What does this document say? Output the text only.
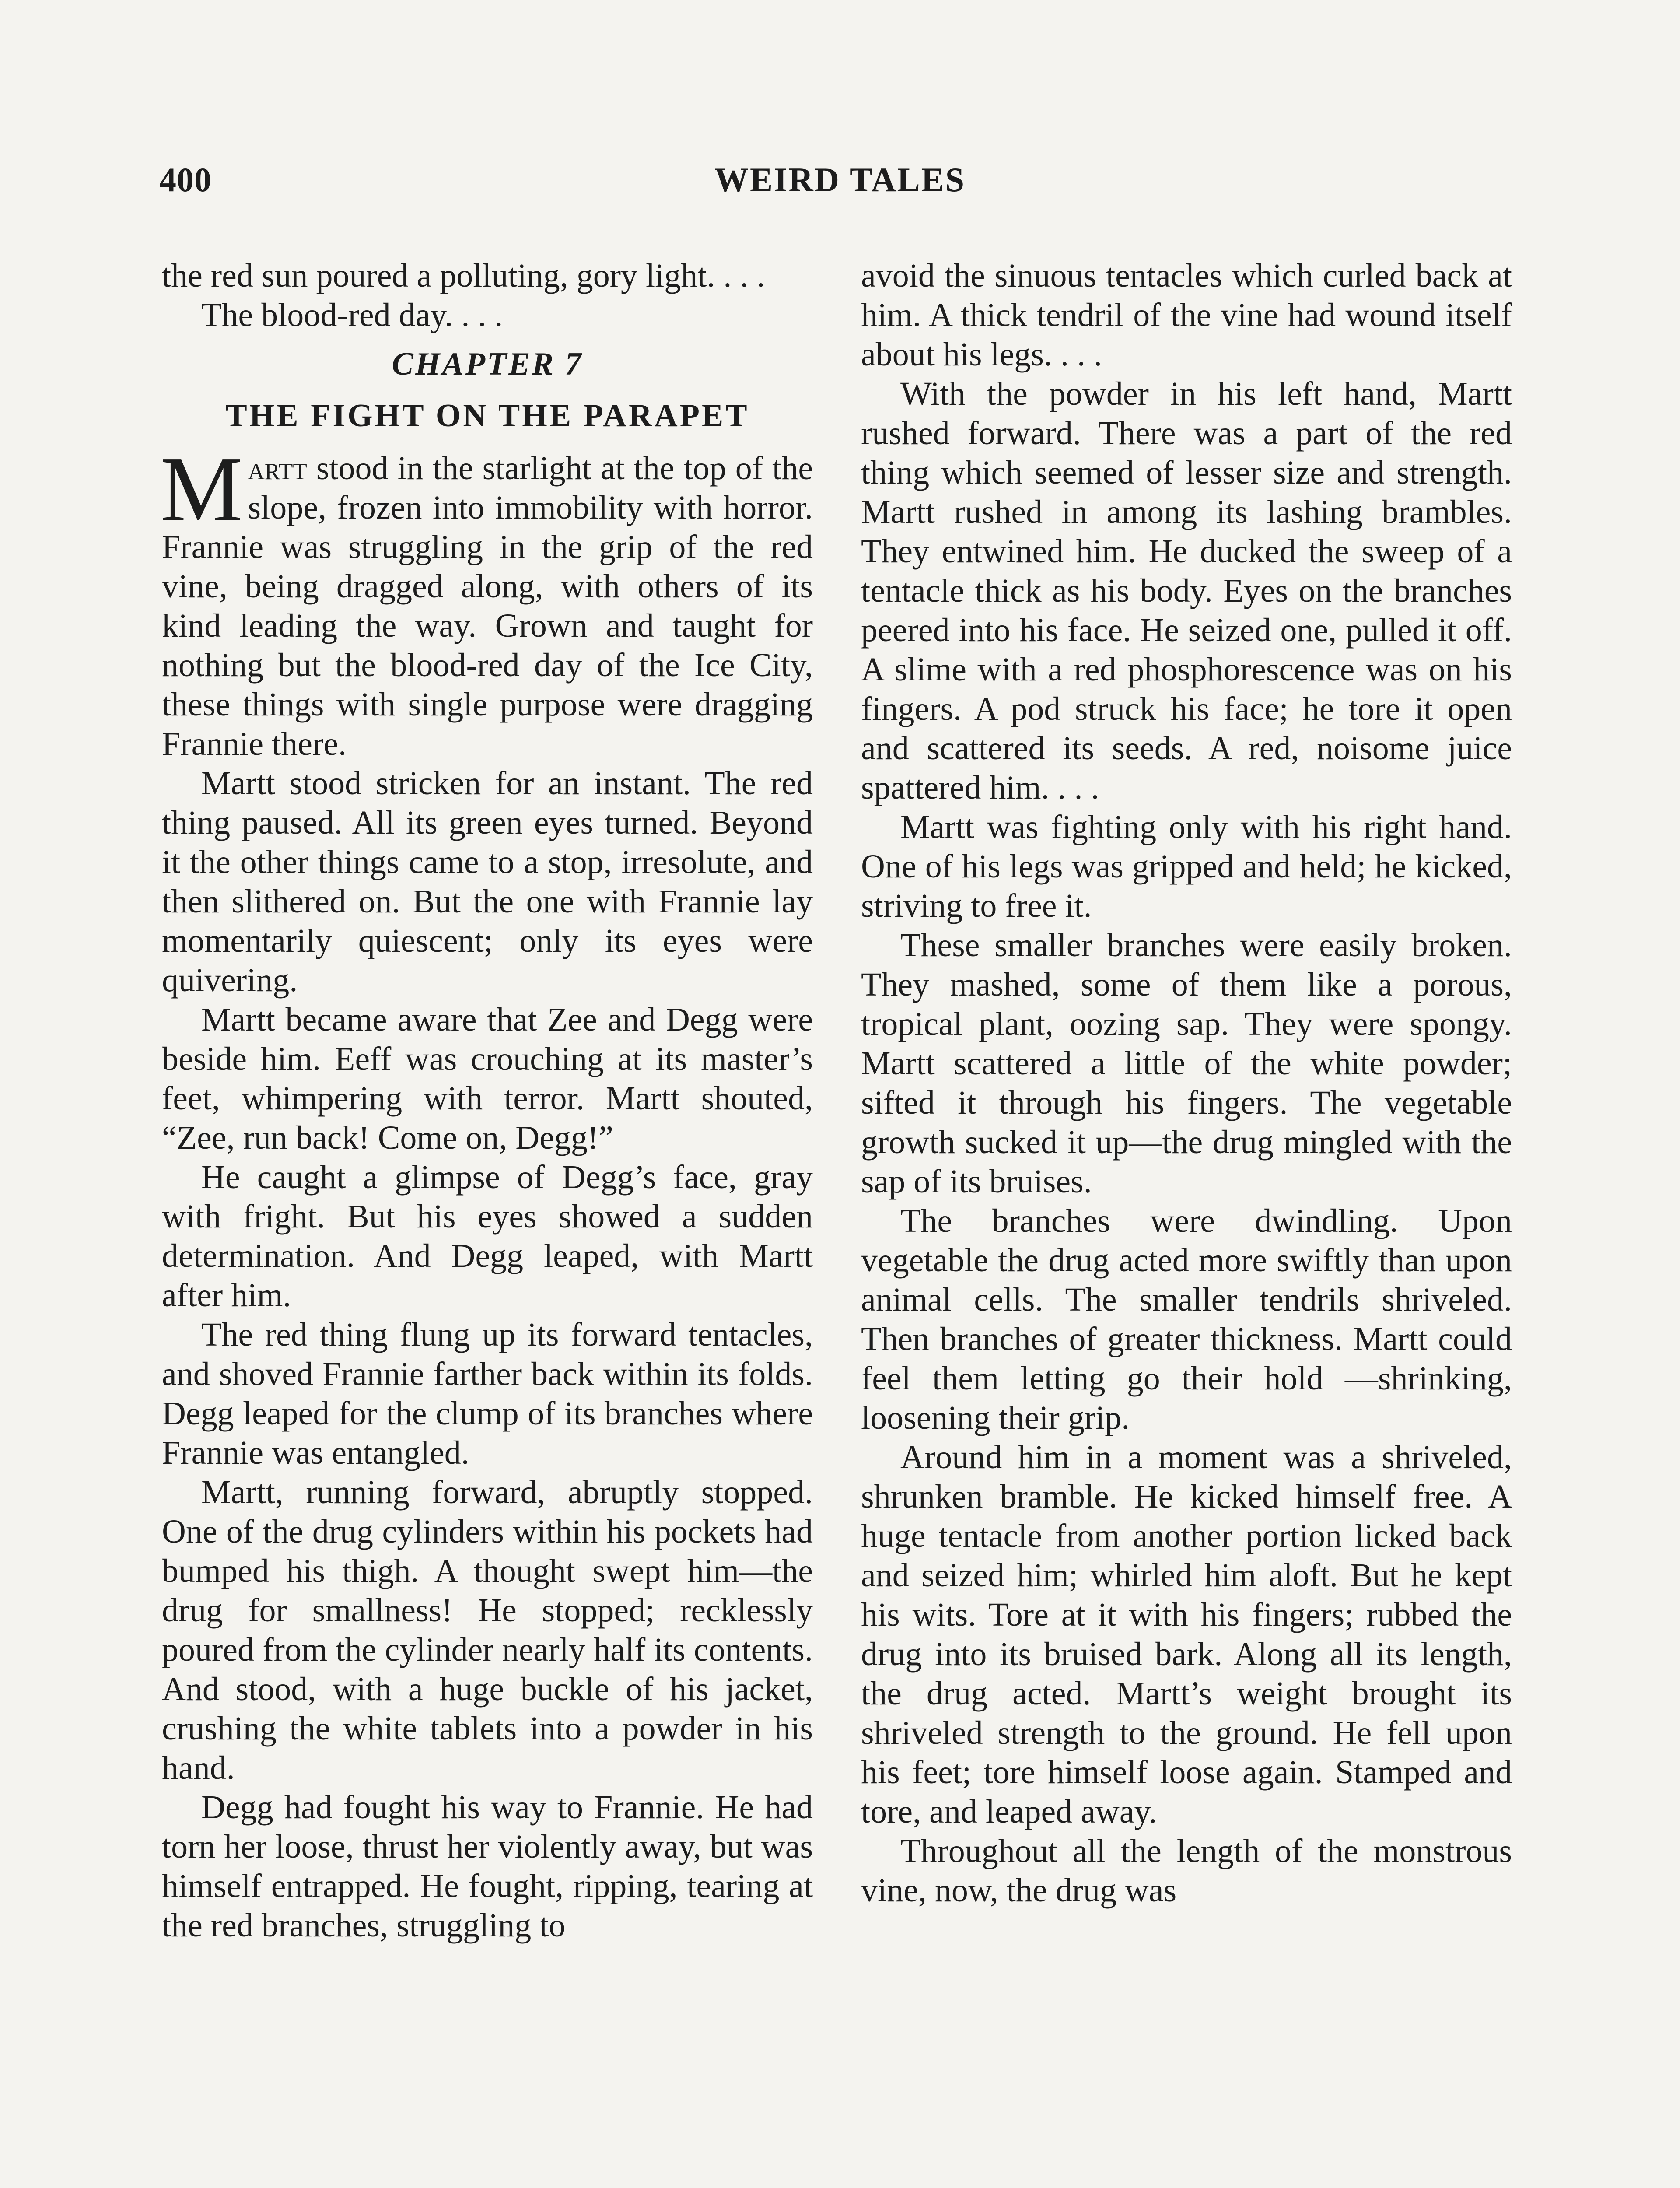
400	WEIRD TALES

the red sun poured a polluting, gory light. . . .

The blood-red day. . . .

CHAPTER 7
THE FIGHT ON THE PARAPET

Martt stood in the starlight at the top of the slope, frozen into immobility with horror. Frannie was struggling in the grip of the red vine, being dragged along, with others of its kind leading the way. Grown and taught for nothing but the blood-red day of the Ice City, these things with single purpose were dragging Frannie there.

Martt stood stricken for an instant. The red thing paused. All its green eyes turned. Beyond it the other things came to a stop, irresolute, and then slithered on. But the one with Frannie lay momentarily quiescent; only its eyes were quivering.

Martt became aware that Zee and Degg were beside him. Eeff was crouching at its master’s feet, whimpering with terror. Martt shouted, “Zee, run back! Come on, Degg!”

He caught a glimpse of Degg’s face, gray with fright. But his eyes showed a sudden determination. And Degg leaped, with Martt after him.

The red thing flung up its forward tentacles, and shoved Frannie farther back within its folds. Degg leaped for the clump of its branches where Frannie was entangled.

Martt, running forward, abruptly stopped. One of the drug cylinders within his pockets had bumped his thigh. A thought swept him—the drug for smallness! He stopped; recklessly poured from the cylinder nearly half its contents. And stood, with a huge buckle of his jacket, crushing the white tablets into a powder in his hand.

Degg had fought his way to Frannie. He had torn her loose, thrust her violently away, but was himself entrapped. He fought, ripping, tearing at the red branches, struggling to

avoid the sinuous tentacles which curled back at him. A thick tendril of the vine had wound itself about his legs. . . .

With the powder in his left hand, Martt rushed forward. There was a part of the red thing which seemed of lesser size and strength. Martt rushed in among its lashing brambles. They entwined him. He ducked the sweep of a tentacle thick as his body. Eyes on the branches peered into his face. He seized one, pulled it off. A slime with a red phosphorescence was on his fingers. A pod struck his face; he tore it open and scattered its seeds. A red, noisome juice spattered him. . . .

Martt was fighting only with his right hand. One of his legs was gripped and held; he kicked, striving to free it.

These smaller branches were easily broken. They mashed, some of them like a porous, tropical plant, oozing sap. They were spongy. Martt scattered a little of the white powder; sifted it through his fingers. The vegetable growth sucked it up—the drug mingled with the sap of its bruises.

The branches were dwindling. Upon vegetable the drug acted more swiftly than upon animal cells. The smaller tendrils shriveled. Then branches of greater thickness. Martt could feel them letting go their hold —shrinking, loosening their grip.

Around him in a moment was a shriveled, shrunken bramble. He kicked himself free. A huge tentacle from another portion licked back and seized him; whirled him aloft. But he kept his wits. Tore at it with his fingers; rubbed the drug into its bruised bark. Along all its length, the drug acted. Martt’s weight brought its shriveled strength to the ground. He fell upon his feet; tore himself loose again. Stamped and tore, and leaped away.

Throughout all the length of the monstrous vine, now, the drug was
